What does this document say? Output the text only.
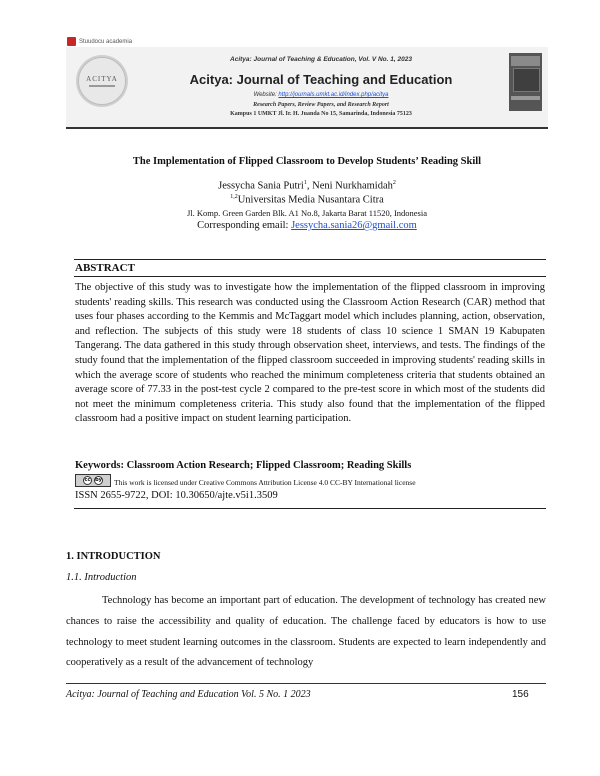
Stuudocu academia
ACITYA
Acitya: Journal of Teaching & Education, Vol. V No. 1, 2023
Acitya: Journal of Teaching and Education
Website: http://journals.umkt.ac.id/index.php/acitya
Research Papers, Review Papers, and Research Report
Kampus 1 UMKT Jl. Ir. H. Juanda No 15, Samarinda, Indonesia 75123
The Implementation of Flipped Classroom to Develop Students’ Reading Skill
Jessycha Sania Putri$^1$, Neni Nurkhamidah$^2$
$^{1,2}$Universitas Media Nusantara Citra
Jl. Komp. Green Garden Blk. A1 No.8, Jakarta Barat 11520, Indonesia
Corresponding email: Jessycha.sania26@gmail.com
ABSTRACT
The objective of this study was to investigate how the implementation of the flipped classroom in improving students' reading skills. This research was conducted using the Classroom Action Research (CAR) method that uses four phases according to the Kemmis and McTaggart model which includes planning, action, observation, and reflection. The subjects of this study were 18 students of class 10 science 1 SMAN 19 Kabupaten Tangerang. The data gathered in this study through observation sheet, interviews, and tests. The findings of the study found that the implementation of the flipped classroom succeeded in improving students' reading skills in which the average score of students who reached the minimum completeness criteria that students obtained an average score of 77.33 in the post-test cycle 2 compared to the pre-test score in which most of the students did not meet the minimum completeness criteria. This study also found that the implementation of the flipped classroom had a positive impact on student learning participation.
Keywords: Classroom Action Research; Flipped Classroom; Reading Skills
cc by This work is licensed under Creative Commons Attribution License 4.0 CC-BY International license
ISSN 2655-9722, DOI: 10.30650/ajte.v5i1.3509
1. INTRODUCTION
1.1. Introduction
Technology has become an important part of education. The development of technology has created new chances to raise the accessibility and quality of education. The challenge faced by educators is how to use technology to meet student learning outcomes in the classroom. Students are expected to learn independently and cooperatively as a result of the advancement of technology
Acitya: Journal of Teaching and Education Vol. 5 No. 1 2023	156
